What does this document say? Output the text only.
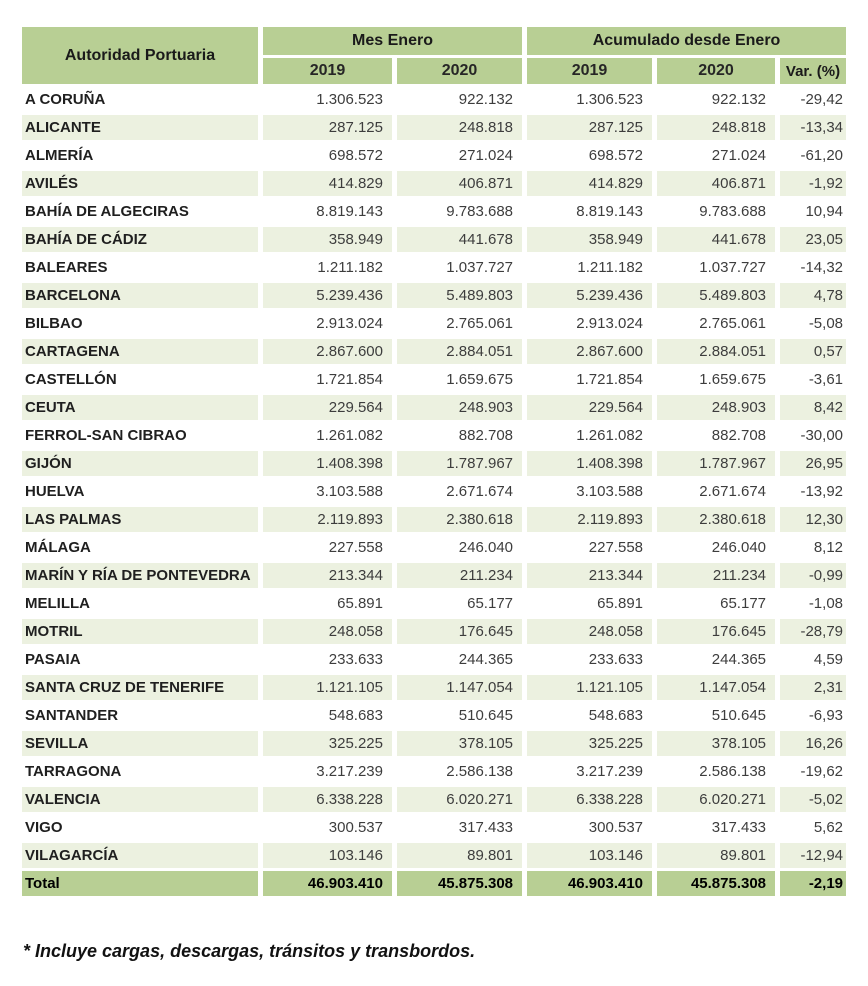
Autoridad Portuaria	Mes Enero		Acumulado desde Enero		
	2019	2020	2019	2020	Var. (%)
A CORUÑA	1.306.523	922.132	1.306.523	922.132	-29,42
ALICANTE	287.125	248.818	287.125	248.818	-13,34
ALMERÍA	698.572	271.024	698.572	271.024	-61,20
AVILÉS	414.829	406.871	414.829	406.871	-1,92
BAHÍA DE ALGECIRAS	8.819.143	9.783.688	8.819.143	9.783.688	10,94
BAHÍA DE CÁDIZ	358.949	441.678	358.949	441.678	23,05
BALEARES	1.211.182	1.037.727	1.211.182	1.037.727	-14,32
BARCELONA	5.239.436	5.489.803	5.239.436	5.489.803	4,78
BILBAO	2.913.024	2.765.061	2.913.024	2.765.061	-5,08
CARTAGENA	2.867.600	2.884.051	2.867.600	2.884.051	0,57
CASTELLÓN	1.721.854	1.659.675	1.721.854	1.659.675	-3,61
CEUTA	229.564	248.903	229.564	248.903	8,42
FERROL-SAN CIBRAO	1.261.082	882.708	1.261.082	882.708	-30,00
GIJÓN	1.408.398	1.787.967	1.408.398	1.787.967	26,95
HUELVA	3.103.588	2.671.674	3.103.588	2.671.674	-13,92
LAS PALMAS	2.119.893	2.380.618	2.119.893	2.380.618	12,30
MÁLAGA	227.558	246.040	227.558	246.040	8,12
MARÍN Y RÍA DE PONTEVEDRA	213.344	211.234	213.344	211.234	-0,99
MELILLA	65.891	65.177	65.891	65.177	-1,08
MOTRIL	248.058	176.645	248.058	176.645	-28,79
PASAIA	233.633	244.365	233.633	244.365	4,59
SANTA CRUZ DE TENERIFE	1.121.105	1.147.054	1.121.105	1.147.054	2,31
SANTANDER	548.683	510.645	548.683	510.645	-6,93
SEVILLA	325.225	378.105	325.225	378.105	16,26
TARRAGONA	3.217.239	2.586.138	3.217.239	2.586.138	-19,62
VALENCIA	6.338.228	6.020.271	6.338.228	6.020.271	-5,02
VIGO	300.537	317.433	300.537	317.433	5,62
VILAGARCÍA	103.146	89.801	103.146	89.801	-12,94
Total	46.903.410	45.875.308	46.903.410	45.875.308	-2,19

* Incluye cargas, descargas, tránsitos y transbordos.
